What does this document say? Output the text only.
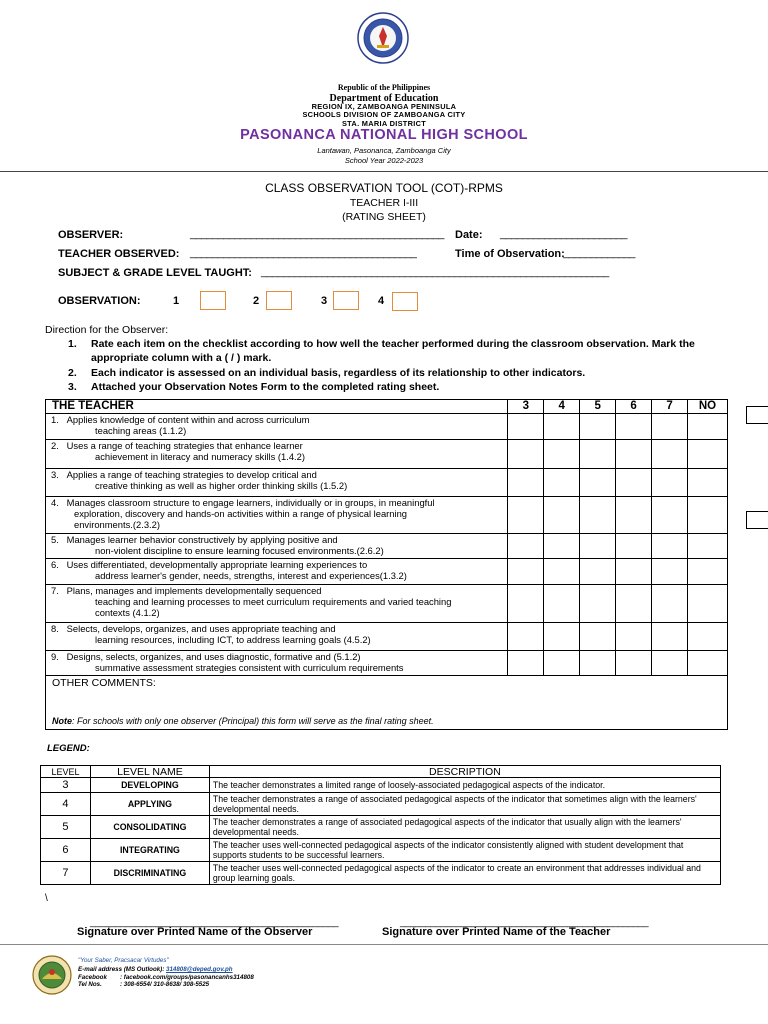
Republic of the Philippines
Department of Education
REGION IX, ZAMBOANGA PENINSULA
SCHOOLS DIVISION OF ZAMBOANGA CITY
STA. MARIA DISTRICT
PASONANCA NATIONAL HIGH SCHOOL
Lantawan, Pasonanca, Zamboanga City
School Year 2022-2023
CLASS OBSERVATION TOOL (COT)-RPMS
TEACHER I-III
(RATING SHEET)
OBSERVER:	______________________________________________ Date: _______________________
TEACHER OBSERVED: _________________________________________	Time of Observation:
_____________
SUBJECT & GRADE LEVEL TAUGHT: _______________________________________________________________
OBSERVATION:	1	2	3	4
Direction for the Observer:
1. Rate each item on the checklist according to how well the teacher performed during the classroom observation. Mark the
appropriate column with a ( / ) mark.
2. Each indicator is assessed on an individual basis, regardless of its relationship to other indicators.
3. Attached your Observation Notes Form to the completed rating sheet.
THE TEACHER	3	4	5	6	7	NO
1. Applies knowledge of content within and across curriculum
teaching areas (1.1.2)						

2. Uses a range of teaching strategies that enhance learner
achievement in literacy and numeracy skills (1.4.2)						

3. Applies a range of teaching strategies to develop critical and
creative thinking as well as higher order thinking skills (1.5.2)						

4. Manages classroom structure to engage learners, individually or in groups, in meaningful
exploration, discovery and hands-on activities within a range of physical learning
environments.(2.3.2)						

5. Manages learner behavior constructively by applying positive and
non-violent discipline to ensure learning focused environments.(2.6.2)						

6. Uses differentiated, developmentally appropriate learning experiences to
address learner's gender, needs, strengths, interest and experiences(1.3.2)						

7. Plans, manages and implements developmentally sequenced
teaching and learning processes to meet curriculum requirements and varied teaching
contexts (4.1.2)						

8. Selects, develops, organizes, and uses appropriate teaching and
learning resources, including ICT, to address learning goals (4.5.2)						

9. Designs, selects, organizes, and uses diagnostic, formative and (5.1.2)
summative assessment strategies consistent with curriculum requirements						

OTHER COMMENTS:
Note: For schools with only one observer (Principal) this form will serve as the final rating sheet.						
LEGEND:
LEVEL	LEVEL NAME	DESCRIPTION
3	DEVELOPING	The teacher demonstrates a limited range of loosely-associated pedagogical aspects of the indicator.
4	APPLYING	The teacher demonstrates a range of associated pedagogical aspects of the indicator that sometimes align with the learners' developmental needs.
5	CONSOLIDATING	The teacher demonstrates a range of associated pedagogical aspects of the indicator that usually align with the learners' developmental needs.
6	INTEGRATING	The teacher uses well-connected pedagogical aspects of the indicator consistently aligned with student development that supports students to be successful learners.
7	DISCRIMINATING	The teacher uses well-connected pedagogical aspects of the indicator to create an environment that addresses individual and group learning goals.
\
_________________________________________________	_________________________________________________
Signature over Printed Name of the Observer	Signature over Printed Name of the Teacher
"Your Saber, Pracsacar Virtudes"
E-mail address (MS Outlook): 314808@deped.gov.ph
Facebook : facebook.com/groups/pasonancanhs314808
Tel Nos.	: 308-6554/ 310-8638/ 308-5525
